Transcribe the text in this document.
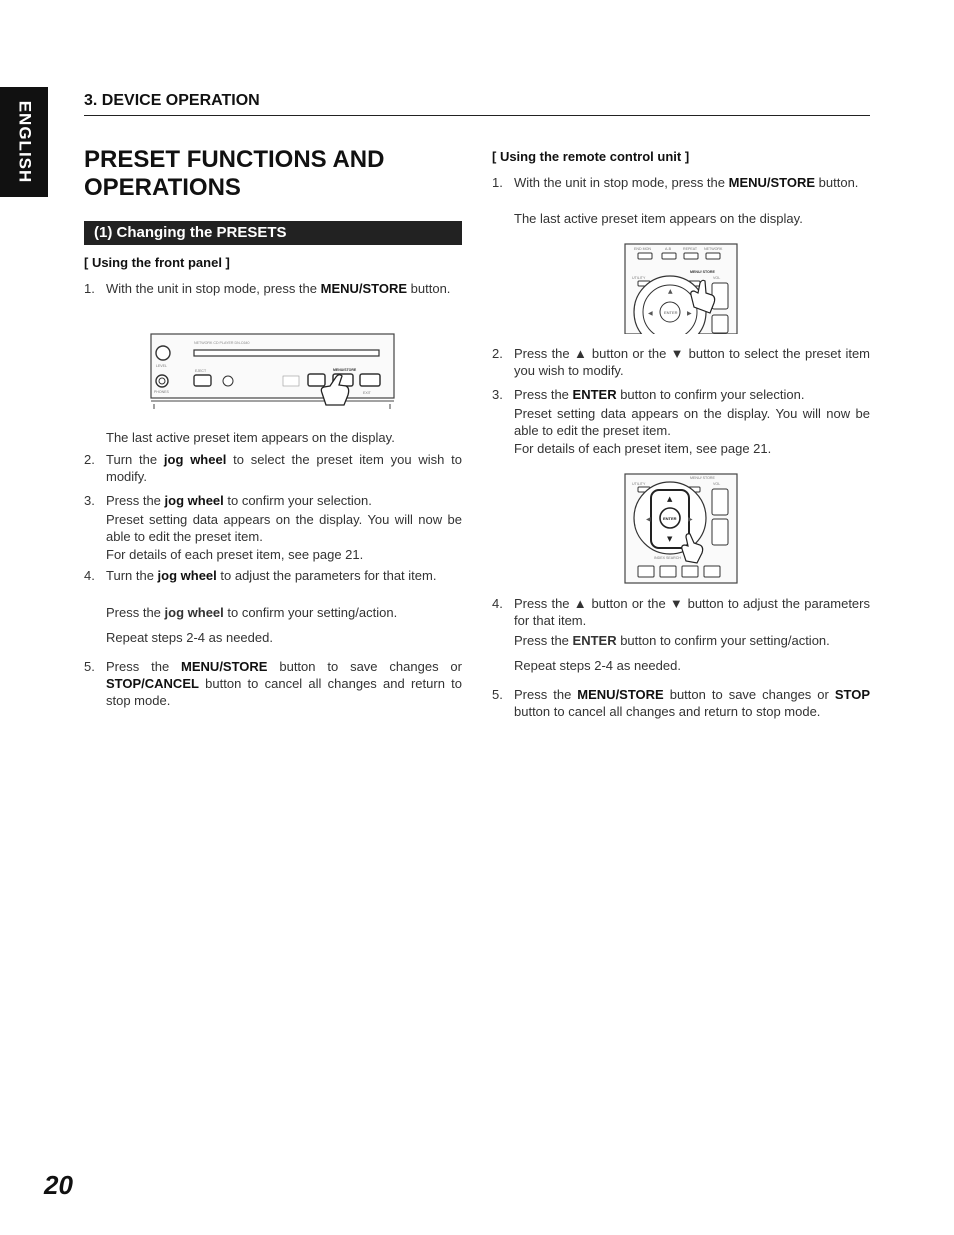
ENGLISH
3. DEVICE OPERATION
PRESET FUNCTIONS AND OPERATIONS
(1) Changing the PRESETS
[ Using the front panel ]
1. With the unit in stop mode, press the MENU/STORE button.
NETWORK CD PLAYER DN-C640
LEVEL
PHONES
EJECT	MENU/STORE
EXIT
The last active preset item appears on the display.
2. Turn the jog wheel to select the preset item you wish to modify.
3. Press the jog wheel to confirm your selection.
Preset setting data appears on the display. You will now be able to edit the preset item.
For details of each preset item, see page 21.
4. Turn the jog wheel to adjust the parameters for that item.
Press the jog wheel to confirm your setting/action.
Repeat steps 2-4 as needed.
5. Press the MENU/STORE button to save changes or STOP/CANCEL button to cancel all changes and return to stop mode.
[ Using the remote control unit ]
1. With the unit in stop mode, press the MENU/STORE button.
The last active preset item appears on the display.
END MON	A-B	REPEAT NETWORK
UTILITY
MENU/ STORE
VOL
ENTER
▲
◀	▶
2. Press the ▲ button or the ▼ button to select the preset item you wish to modify.
3. Press the ENTER button to confirm your selection.
Preset setting data appears on the display. You will now be able to edit the preset item.
For details of each preset item, see page 21.
UTILITY
MENU/ STORE
VOL
ENTER
▲
▼
◀	▶
INDEX SEARCH
4. Press the ▲ button or the ▼ button to adjust the parameters for that item.
Press the ENTER button to confirm your setting/action.
Repeat steps 2-4 as needed.
5. Press the MENU/STORE button to save changes or STOP button to cancel all changes and return to stop mode.
20
